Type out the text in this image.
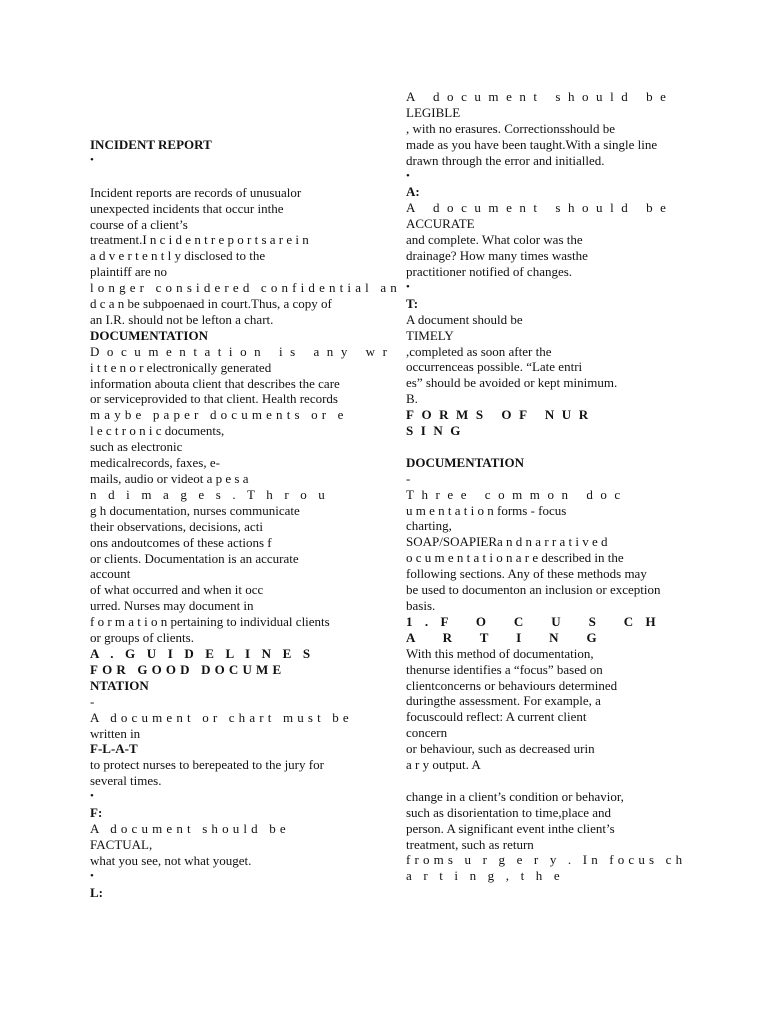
INCIDENT REPORT
•

Incident reports are records of unusualor
unexpected incidents that occur inthe
course of a client’s
treatment.I n c i d e n t r e p o r t s a r e i n
a d v e r t e n t l y disclosed to the
plaintiff are no
longer considered confidential an
d c a n be subpoenaed in court.Thus, a copy of
an I.R. should not be lefton a chart.
DOCUMENTATION
Documentation is any wr
i t t e n o r electronically generated
information abouta client that describes the care
or serviceprovided to that client. Health records
maybe paper documents or e
l e c t r o n i c documents,
such as electronic
medicalrecords, faxes, e-
mails, audio or videot a p e s a
n d i m a g e s . T h r o u
g h documentation, nurses communicate
their observations, decisions, acti
ons andoutcomes of these actions f
or clients. Documentation is an accurate
account
of what occurred and when it occ
urred. Nurses may document in
f o r m a t i o n pertaining to individual clients
or groups of clients.
A . G U I D E L I N E S
FOR GOOD DOCUME
NTATION
-
A document or chart must be
written in
F-L-A-T
to protect nurses to berepeated to the jury for
several times.
•
F:
A document should be
FACTUAL,
what you see, not what youget.
•
L:
A document should be
LEGIBLE
, with no erasures. Correctionsshould be
made as you have been taught.With a single line
drawn through the error and initialled.
•
A:
A document should be
ACCURATE
and complete. What color was the
drainage? How many times wasthe
practitioner notified of changes.
•
T:
A document should be
TIMELY
,completed as soon after the
occurrenceas possible. “Late entri
es” should be avoided or kept minimum.
B.
FORMS OF NUR
SING

DOCUMENTATION
-
Three common doc
u m e n t a t i o n forms - focus
charting,
SOAP/SOAPIERa n d n a r r a t i v e d
o c u m e n t a t i o n a r e described in the
following sections. Any of these methods may
be used to documenton an inclusion or exception
basis.
1.F O C U S CH
A R T I N G
With this method of documentation,
thenurse identifies a “focus” based on
clientconcerns or behaviours determined
duringthe assessment. For example, a
focuscould reflect: A current client
concern
or behaviour, such as decreased urin
a r y output. A

change in a client’s condition or behavior,
such as disorientation to time,place and
person. A significant event inthe client’s
treatment, such as return
froms u r g e r y . In focus ch
a r t i n g , t h e
